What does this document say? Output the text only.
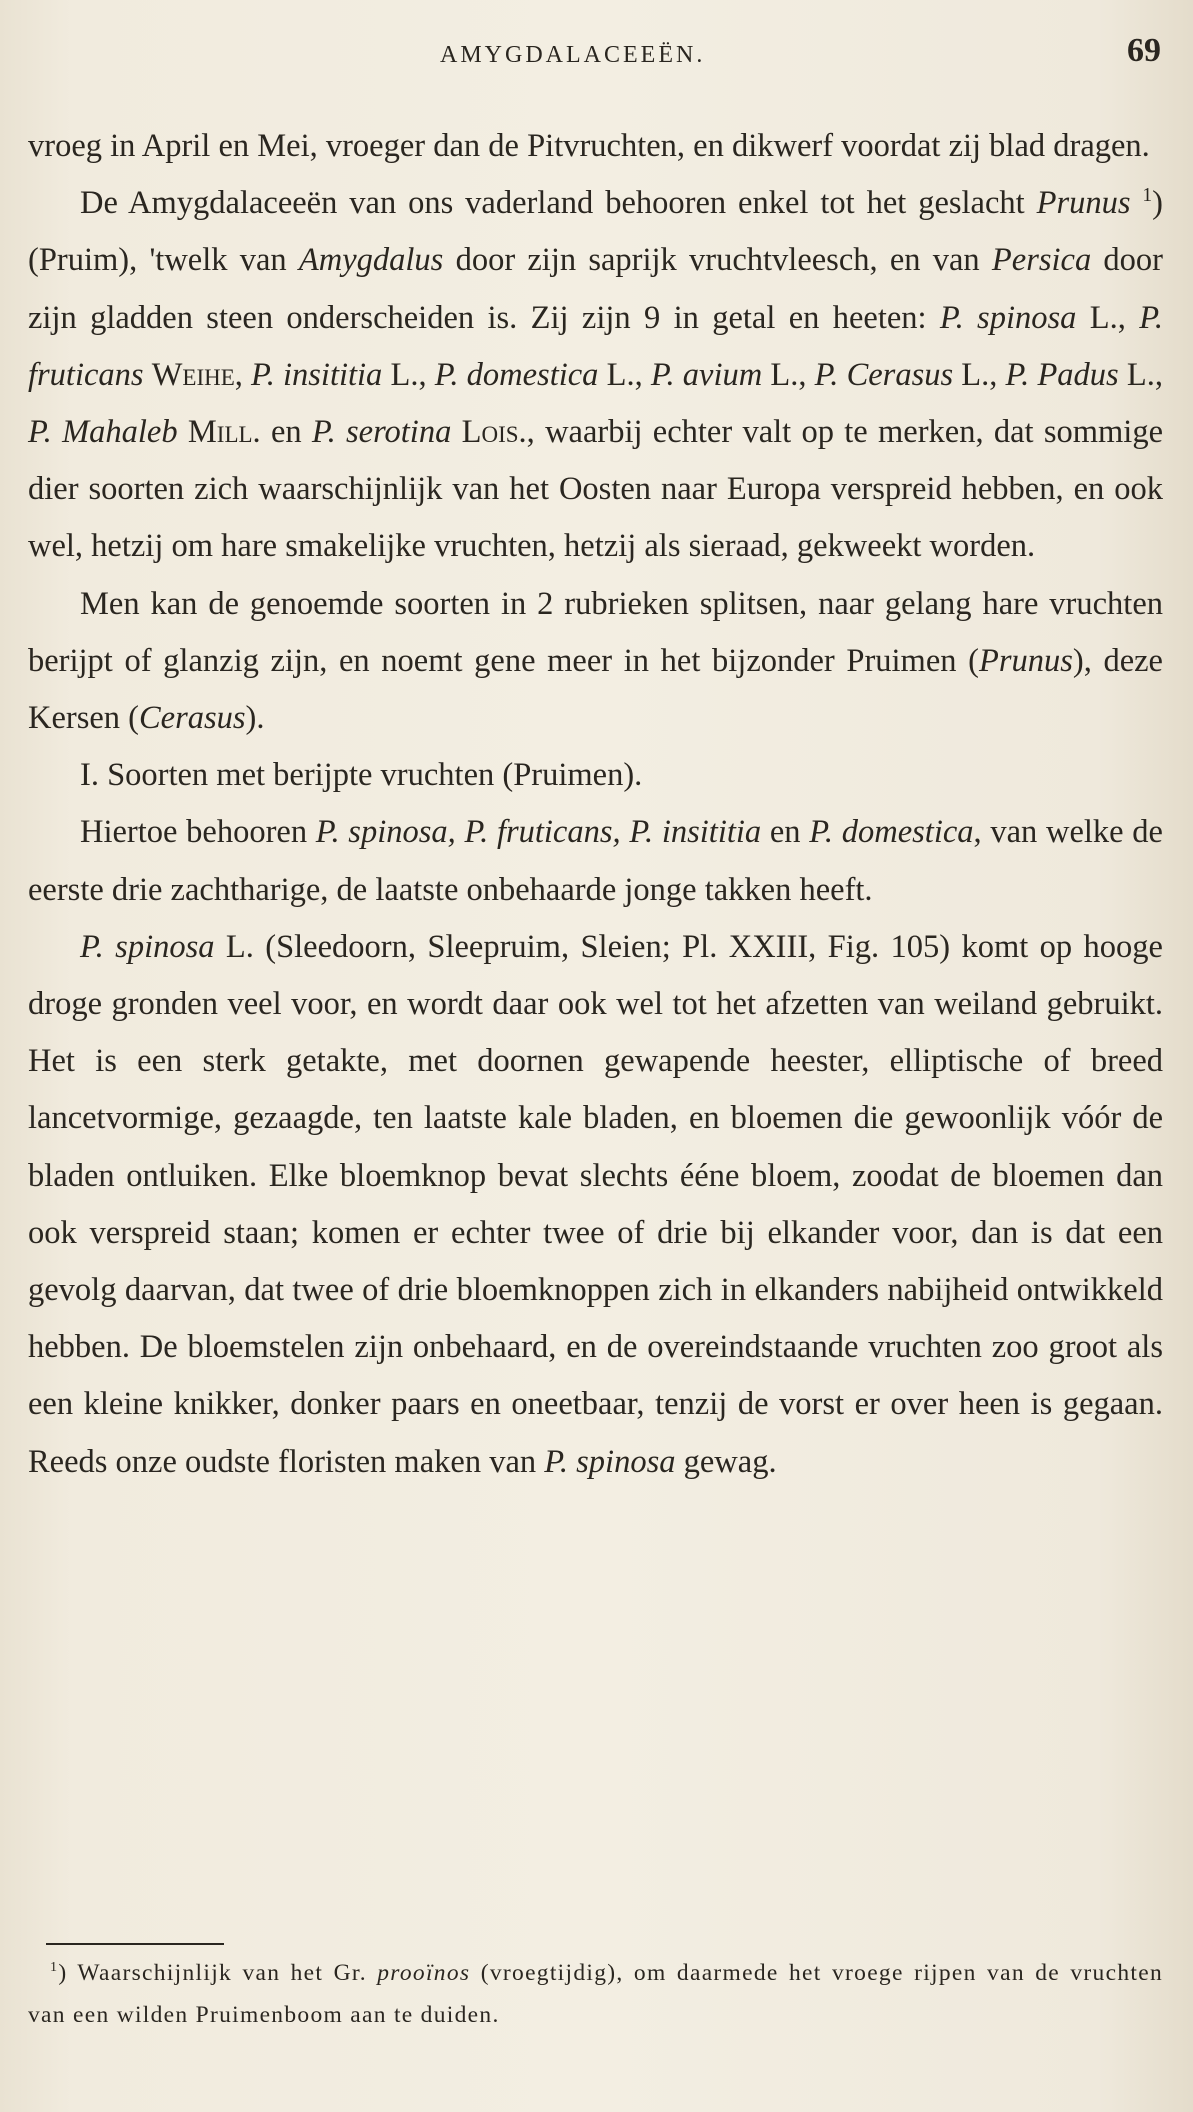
AMYGDALACEEËN.	69

vroeg in April en Mei, vroeger dan de Pitvruchten, en dikwerf voordat zij blad dragen.

De Amygdalaceeën van ons vaderland behooren enkel tot het geslacht Prunus $^1$) (Pruim), 'twelk van Amygdalus door zijn saprijk vruchtvleesch, en van Persica door zijn gladden steen onderscheiden is. Zij zijn 9 in getal en heeten: P. spinosa L., P. fruticans Weihe, P. insititia L., P. domestica L., P. avium L., P. Cerasus L., P. Padus L., P. Mahaleb Mill. en P. serotina Lois., waarbij echter valt op te merken, dat sommige dier soorten zich waarschijnlijk van het Oosten naar Europa verspreid hebben, en ook wel, hetzij om hare smakelijke vruchten, hetzij als sieraad, gekweekt worden.

Men kan de genoemde soorten in 2 rubrieken splitsen, naar gelang hare vruchten berijpt of glanzig zijn, en noemt gene meer in het bijzonder Pruimen (Prunus), deze Kersen (Cerasus).

I. Soorten met berijpte vruchten (Pruimen).

Hiertoe behooren P. spinosa, P. fruticans, P. insititia en P. domestica, van welke de eerste drie zachtharige, de laatste onbehaarde jonge takken heeft.

P. spinosa L. (Sleedoorn, Sleepruim, Sleien; Pl. XXIII, Fig. 105) komt op hooge droge gronden veel voor, en wordt daar ook wel tot het afzetten van weiland gebruikt. Het is een sterk getakte, met doornen gewapende heester, elliptische of breed lancetvormige, gezaagde, ten laatste kale bladen, en bloemen die gewoonlijk vóór de bladen ontluiken. Elke bloemknop bevat slechts ééne bloem, zoodat de bloemen dan ook verspreid staan; komen er echter twee of drie bij elkander voor, dan is dat een gevolg daarvan, dat twee of drie bloemknoppen zich in elkanders nabijheid ontwikkeld hebben. De bloemstelen zijn onbehaard, en de overeindstaande vruchten zoo groot als een kleine knikker, donker paars en oneetbaar, tenzij de vorst er over heen is gegaan. Reeds onze oudste floristen maken van P. spinosa gewag.

$^1$) Waarschijnlijk van het Gr. prooïnos (vroegtijdig), om daarmede het vroege rijpen van de vruchten van een wilden Pruimenboom aan te duiden.
